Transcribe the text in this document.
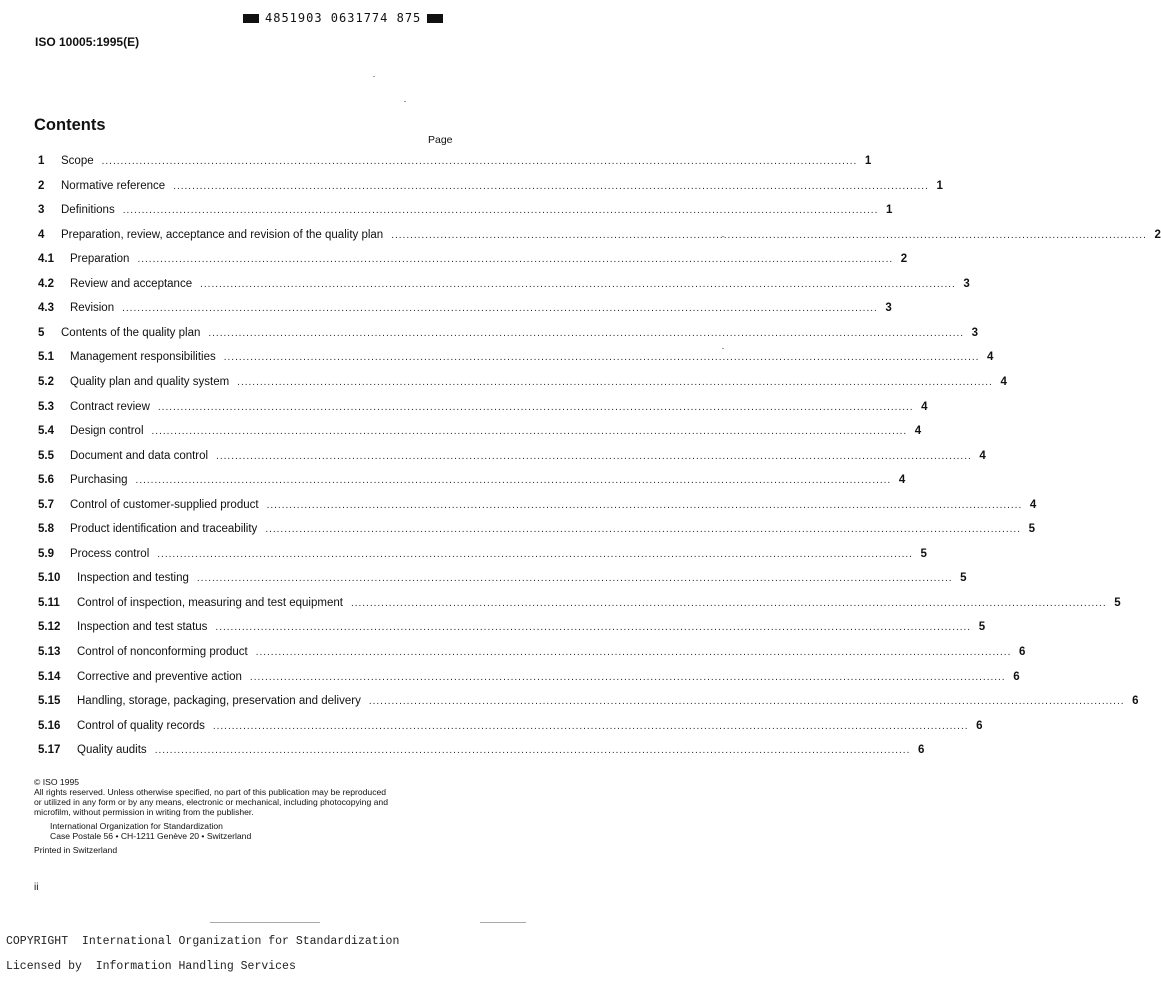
4851903 0631774 875
ISO 10005:1995(E)
Contents
Page
1	Scope ........................................................................................................................................................................................................ 1
2	Normative reference ........................................................................................................................................................................................................ 1
3	Definitions ........................................................................................................................................................................................................ 1
4	Preparation, review, acceptance and revision of the quality plan ........................................................................................................................................................................................................ 2
4.1	Preparation ........................................................................................................................................................................................................ 2
4.2	Review and acceptance ........................................................................................................................................................................................................ 3
4.3	Revision ........................................................................................................................................................................................................ 3
5	Contents of the quality plan ........................................................................................................................................................................................................ 3
5.1	Management responsibilities ........................................................................................................................................................................................................ 4
5.2	Quality plan and quality system ........................................................................................................................................................................................................ 4
5.3	Contract review ........................................................................................................................................................................................................ 4
5.4	Design control ........................................................................................................................................................................................................ 4
5.5	Document and data control ........................................................................................................................................................................................................ 4
5.6	Purchasing ........................................................................................................................................................................................................ 4
5.7	Control of customer-supplied product ........................................................................................................................................................................................................ 4
5.8	Product identification and traceability ........................................................................................................................................................................................................ 5
5.9	Process control ........................................................................................................................................................................................................ 5
5.10	Inspection and testing ........................................................................................................................................................................................................ 5
5.11	Control of inspection, measuring and test equipment ........................................................................................................................................................................................................ 5
5.12	Inspection and test status ........................................................................................................................................................................................................ 5
5.13	Control of nonconforming product ........................................................................................................................................................................................................ 6
5.14	Corrective and preventive action ........................................................................................................................................................................................................ 6
5.15	Handling, storage, packaging, preservation and delivery ........................................................................................................................................................................................................ 6
5.16	Control of quality records ........................................................................................................................................................................................................ 6
5.17	Quality audits ........................................................................................................................................................................................................ 6
© ISO 1995
All rights reserved. Unless otherwise specified, no part of this publication may be reproduced
or utilized in any form or by any means, electronic or mechanical, including photocopying and
microfilm, without permission in writing from the publisher.
International Organization for Standardization
Case Postale 56 • CH-1211 Genève 20 • Switzerland
Printed in Switzerland
ii
COPYRIGHT  International Organization for Standardization
Licensed by  Information Handling Services
